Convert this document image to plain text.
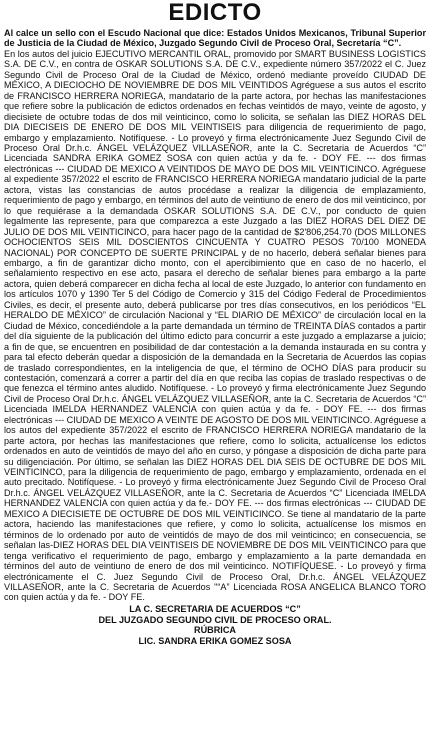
EDICTO

Al calce un sello con el Escudo Nacional que dice: Estados Unidos Mexicanos, Tribunal Superior de Justicia de la Ciudad de México, Juzgado Segundo Civil de Proceso Oral, Secretaría “C”.

En los autos del juicio EJECUTIVO MERCANTIL ORAL, promovido por SMART BUSINESS LOGISTICS S.A. DE C.V., en contra de OSKAR SOLUTIONS S.A. DE C.V., expediente número 357/2022 el C. Juez Segundo Civil de Proceso Oral de la Ciudad de México, ordenó mediante proveído CIUDAD DE MÉXICO, A DIECIOCHO DE NOVIEMBRE DE DOS MIL VEINTIDOS Agréguese a sus autos el escrito de FRANCISCO HERRERA NORIEGA, mandatario de la parte actora, por hechas las manifestaciones que refiere sobre la publicación de edictos ordenados en fechas veintidós de mayo, veinte de agosto, y diecisiete de octubre todas de dos mil veinticinco, como lo solicita, se señalan las DIEZ HORAS DEL DIA DIECISEIS DE ENERO DE DOS MIL VEINTISEIS para diligencia de requerimiento de pago, embargo y emplazamiento. Notifíquese. - Lo proveyó y firma electrónicamente Juez Segundo Civil de Proceso Oral Dr.h.c. ÁNGEL VELÁZQUEZ VILLASEÑOR, ante la C. Secretaria de Acuerdos “C” Licenciada SANDRA ERIKA GOMEZ SOSA con quien actúa y da fe. - DOY FE. --- dos firmas electrónicas --- CIUDAD DE MEXICO A VEINTIDOS DE MAYO DE DOS MIL VEINTICINCO. Agréguese al expediente 357/2022 el escrito de FRANCISCO HERRERA NORIEGA mandatario judicial de la parte actora, vistas las constancias de autos procédase a realizar la diligencia de emplazamiento, requerimiento de pago y embargo, en términos del auto de veintiuno de enero de dos mil veinticinco, por lo que requiérase a la demandada OSKAR SOLUTIONS S.A. DE C.V., por conducto de quien legalmente las represente, para que comparezca a este Juzgado a las DIEZ HORAS DEL DIEZ DE JULIO DE DOS MIL VEINTICINCO, para hacer pago de la cantidad de $2'806,254.70 (DOS MILLONES OCHOCIENTOS SEIS MIL DOSCIENTOS CINCUENTA Y CUATRO PESOS 70/100 MONEDA NACIONAL) POR CONCEPTO DE SUERTE PRINCIPAL y de no hacerlo, deberá señalar bienes para embargo, a fin de garantizar dicho monto, con el apercibimiento que en caso de no hacerlo, el señalamiento respectivo en ese acto, pasara el derecho de señalar bienes para embargo a la parte actora, quien deberá comparecer en dicha fecha al local de este Juzgado, lo anterior con fundamento en los artículos 1070 y 1390 Ter 5 del Código de Comercio y 315 del Código Federal de Procedimientos Civiles, es decir, el presente auto, deberá publicarse por tres días consecutivos, en los periódicos “EL HERALDO DE MÉXICO” de circulación Nacional y “EL DIARIO DE MÉXICO” de circulación local en la Ciudad de México, concediéndole a la parte demandada un término de TREINTA DÍAS contados a partir del día siguiente de la publicación del último edicto para concurrir a este juzgado a emplazarse a juicio; a fin de que, se encuentren en posibilidad de dar contestación a la demanda instaurada en su contra y para tal efecto deberán quedar a disposición de la demandada en la Secretaria de Acuerdos las copias de traslado correspondientes, en la inteligencia de que, el término de OCHO DÍAS para producir su contestación, comenzará a correr a partir del día en que reciba las copias de traslado respectivas o de que fenezca el término antes aludido. Notifíquese. - Lo proveyó y firma electrónicamente Juez Segundo Civil de Proceso Oral Dr.h.c. ÁNGEL VELÁZQUEZ VILLASEÑOR, ante la C. Secretaria de Acuerdos “C” Licenciada IMELDA HERNANDEZ VALENCIA con quien actúa y da fe. - DOY FE. --- dos firmas electrónicas --- CIUDAD DE MEXICO A VEINTE DE AGOSTO DE DOS MIL VEINTICINCO. Agréguese a los autos del expediente 357/2022 el escrito de FRANCISCO HERRERA NORIEGA mandatario de la parte actora, por hechas las manifestaciones que refiere, como lo solicita, actualícense los edictos ordenados en auto de veintidós de mayo del año en curso, y póngase a disposición de dicha parte para su diligenciación. Por último, se señalan las DIEZ HORAS DEL DIA SEIS DE OCTUBRE DE DOS MIL VEINTICINCO, para la diligencia de requerimiento de pago, embargo y emplazamiento, ordenada en el auto precitado. Notifíquese. - Lo proveyó y firma electrónicamente Juez Segundo Civil de Proceso Oral Dr.h.c. ÁNGEL VELÁZQUEZ VILLASEÑOR, ante la C. Secretaria de Acuerdos “C” Licenciada IMELDA HERNANDEZ VALENCIA con quien actúa y da fe.- DOY FE. --- dos firmas electrónicas --- CIUDAD DE MEXICO A DIECISIETE DE OCTUBRE DE DOS MIL VEINTICINCO. Se tiene al mandatario de la parte actora, haciendo las manifestaciones que refiere, y como lo solicita, actualícense los mismos en términos de lo ordenado por auto de veintidós de mayo de dos mil veinticinco; en consecuencia, se señalan las-DIEZ HORAS DEL DIA VEINTISEIS DE NOVIEMBRE DE DOS MIL VEINTICINCO para que tenga verificativo el requerimiento de pago, embargo y emplazamiento a la parte demandada en términos del auto de veintiuno de enero de dos mil veinticinco. NOTIFÍQUESE. - Lo proveyó y firma electrónicamente el C. Juez Segundo Civil de Proceso Oral, Dr.h.c. ÁNGEL VELÁZQUEZ VILLASEÑOR, ante la C. Secretaria de Acuerdos "“A” Licenciada ROSA ANGELICA BLANCO TORO con quien actúa y da fe. - DOY FE.

LA C. SECRETARIA DE ACUERDOS “C”
DEL JUZGADO SEGUNDO CIVIL DE PROCESO ORAL.
RÚBRICA
LIC. SANDRA ERIKA GOMEZ SOSA
